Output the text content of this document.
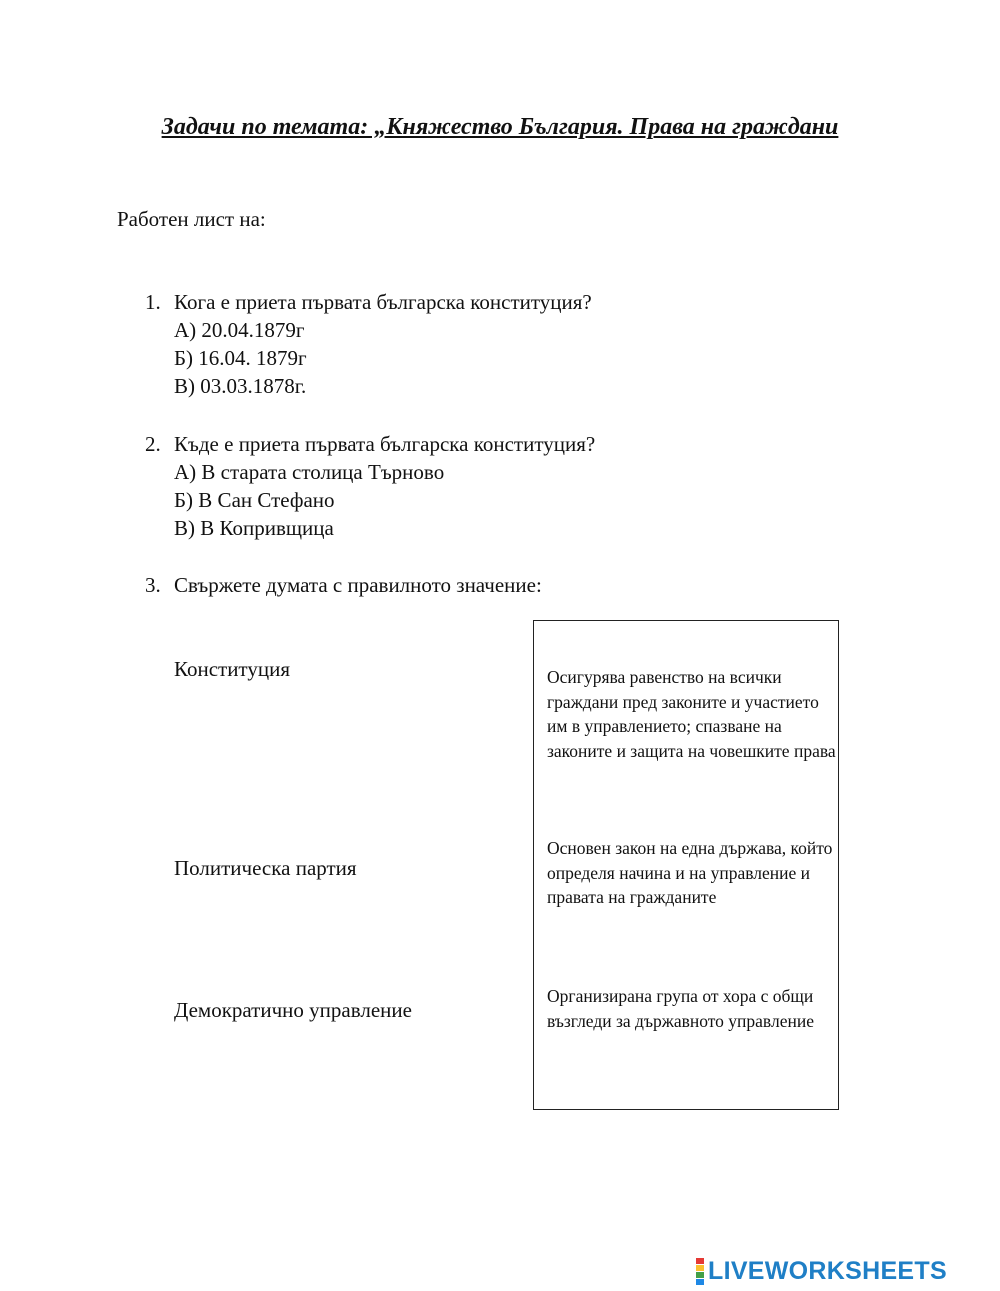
Задачи по темата: „Княжество България. Права на граждани
Работен лист на:
1. Кога е приета първата българска конституция?
А) 20.04.1879г
Б) 16.04. 1879г
В) 03.03.1878г.
2. Къде е приета първата българска конституция?
А) В старата столица Търново
Б) В Сан Стефано
В) В Копривщица
3. Свържете думата с правилното значение:
Конституция
Политическа партия
Демократично управление
Осигурява равенство на всички граждани пред законите и участието им в управлението; спазване на законите и защита на човешките права
Основен закон на една държава, който определя начина и на управление и правата на гражданите
Организирана група от хора с общи възгледи за държавното управление
LIVEWORKSHEETS
